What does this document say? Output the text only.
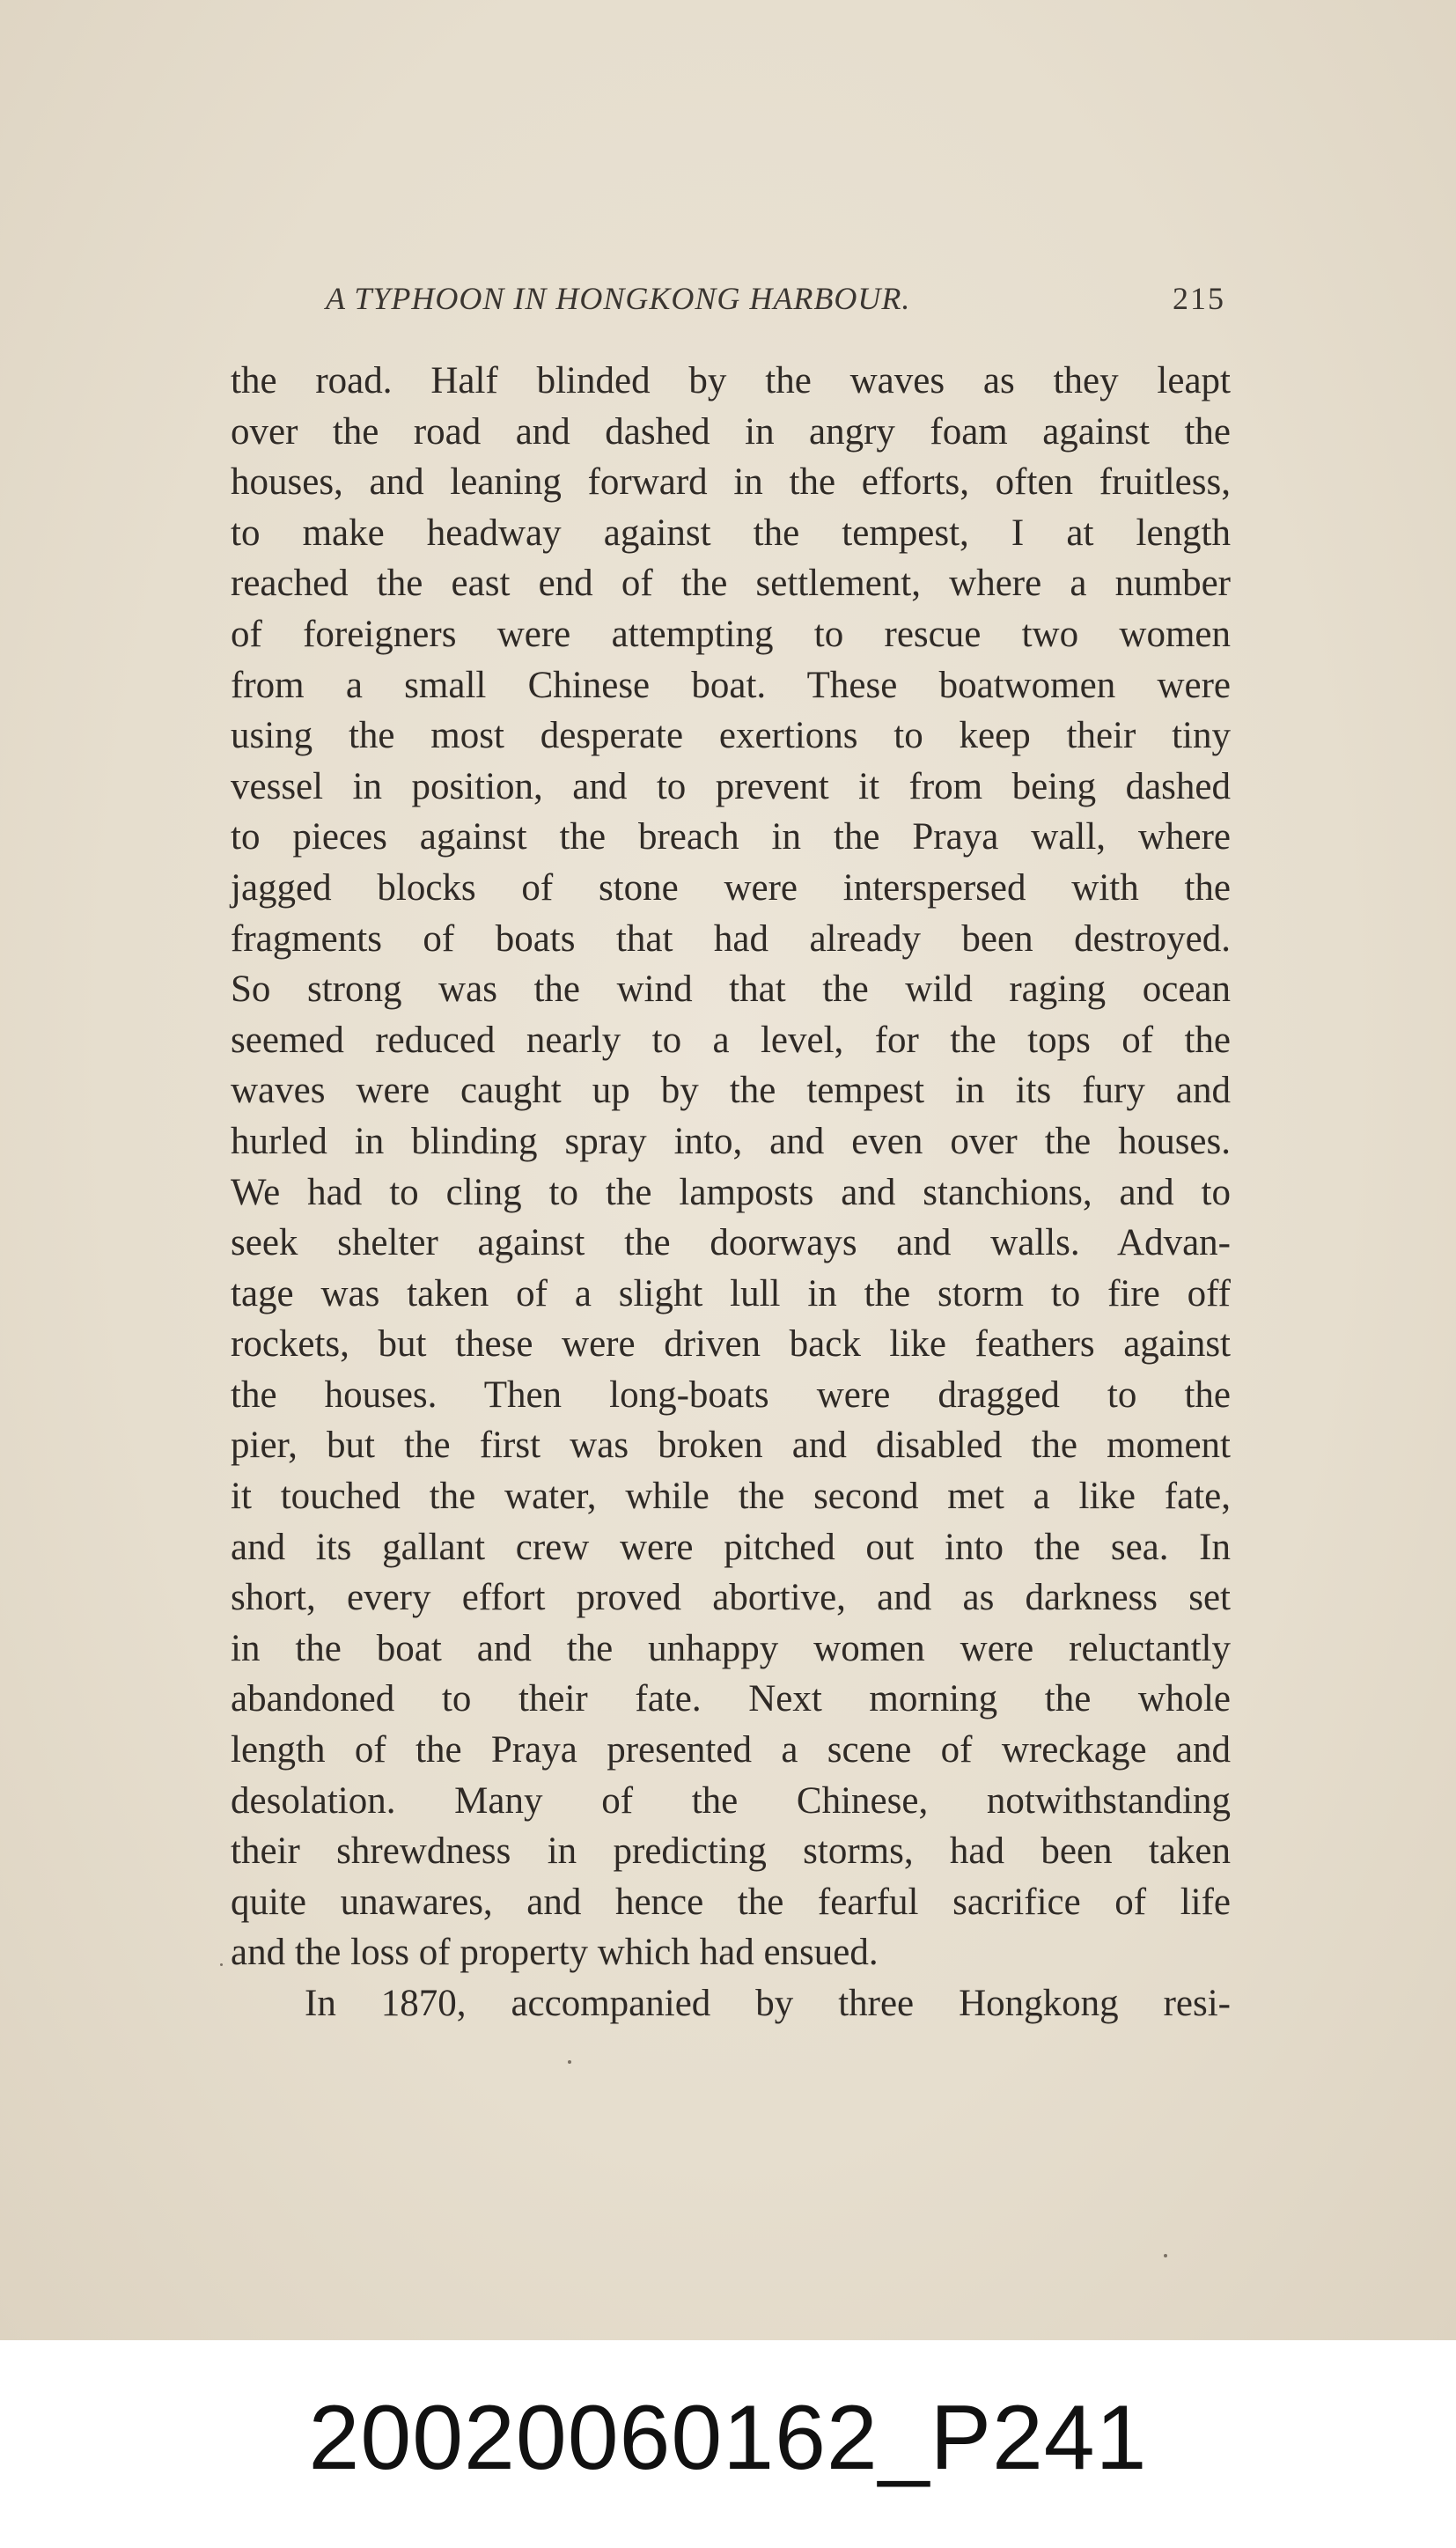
A TYPHOON IN HONGKONG HARBOUR.	215
the road. Half blinded by the waves as they leapt
over the road and dashed in angry foam against the
houses, and leaning forward in the efforts, often fruitless,
to make headway against the tempest, I at length
reached the east end of the settlement, where a number
of foreigners were attempting to rescue two women
from a small Chinese boat. These boatwomen were
using the most desperate exertions to keep their tiny
vessel in position, and to prevent it from being dashed
to pieces against the breach in the Praya wall, where
jagged blocks of stone were interspersed with the
fragments of boats that had already been destroyed.
So strong was the wind that the wild raging ocean
seemed reduced nearly to a level, for the tops of the
waves were caught up by the tempest in its fury and
hurled in blinding spray into, and even over the houses.
We had to cling to the lamposts and stanchions, and to
seek shelter against the doorways and walls. Advan-
tage was taken of a slight lull in the storm to fire off
rockets, but these were driven back like feathers against
the houses. Then long-boats were dragged to the
pier, but the first was broken and disabled the moment
it touched the water, while the second met a like fate,
and its gallant crew were pitched out into the sea. In
short, every effort proved abortive, and as darkness set
in the boat and the unhappy women were reluctantly
abandoned to their fate. Next morning the whole
length of the Praya presented a scene of wreckage and
desolation. Many of the Chinese, notwithstanding
their shrewdness in predicting storms, had been taken
quite unawares, and hence the fearful sacrifice of life
and the loss of property which had ensued.
In 1870, accompanied by three Hongkong resi-
20020060162_P241
